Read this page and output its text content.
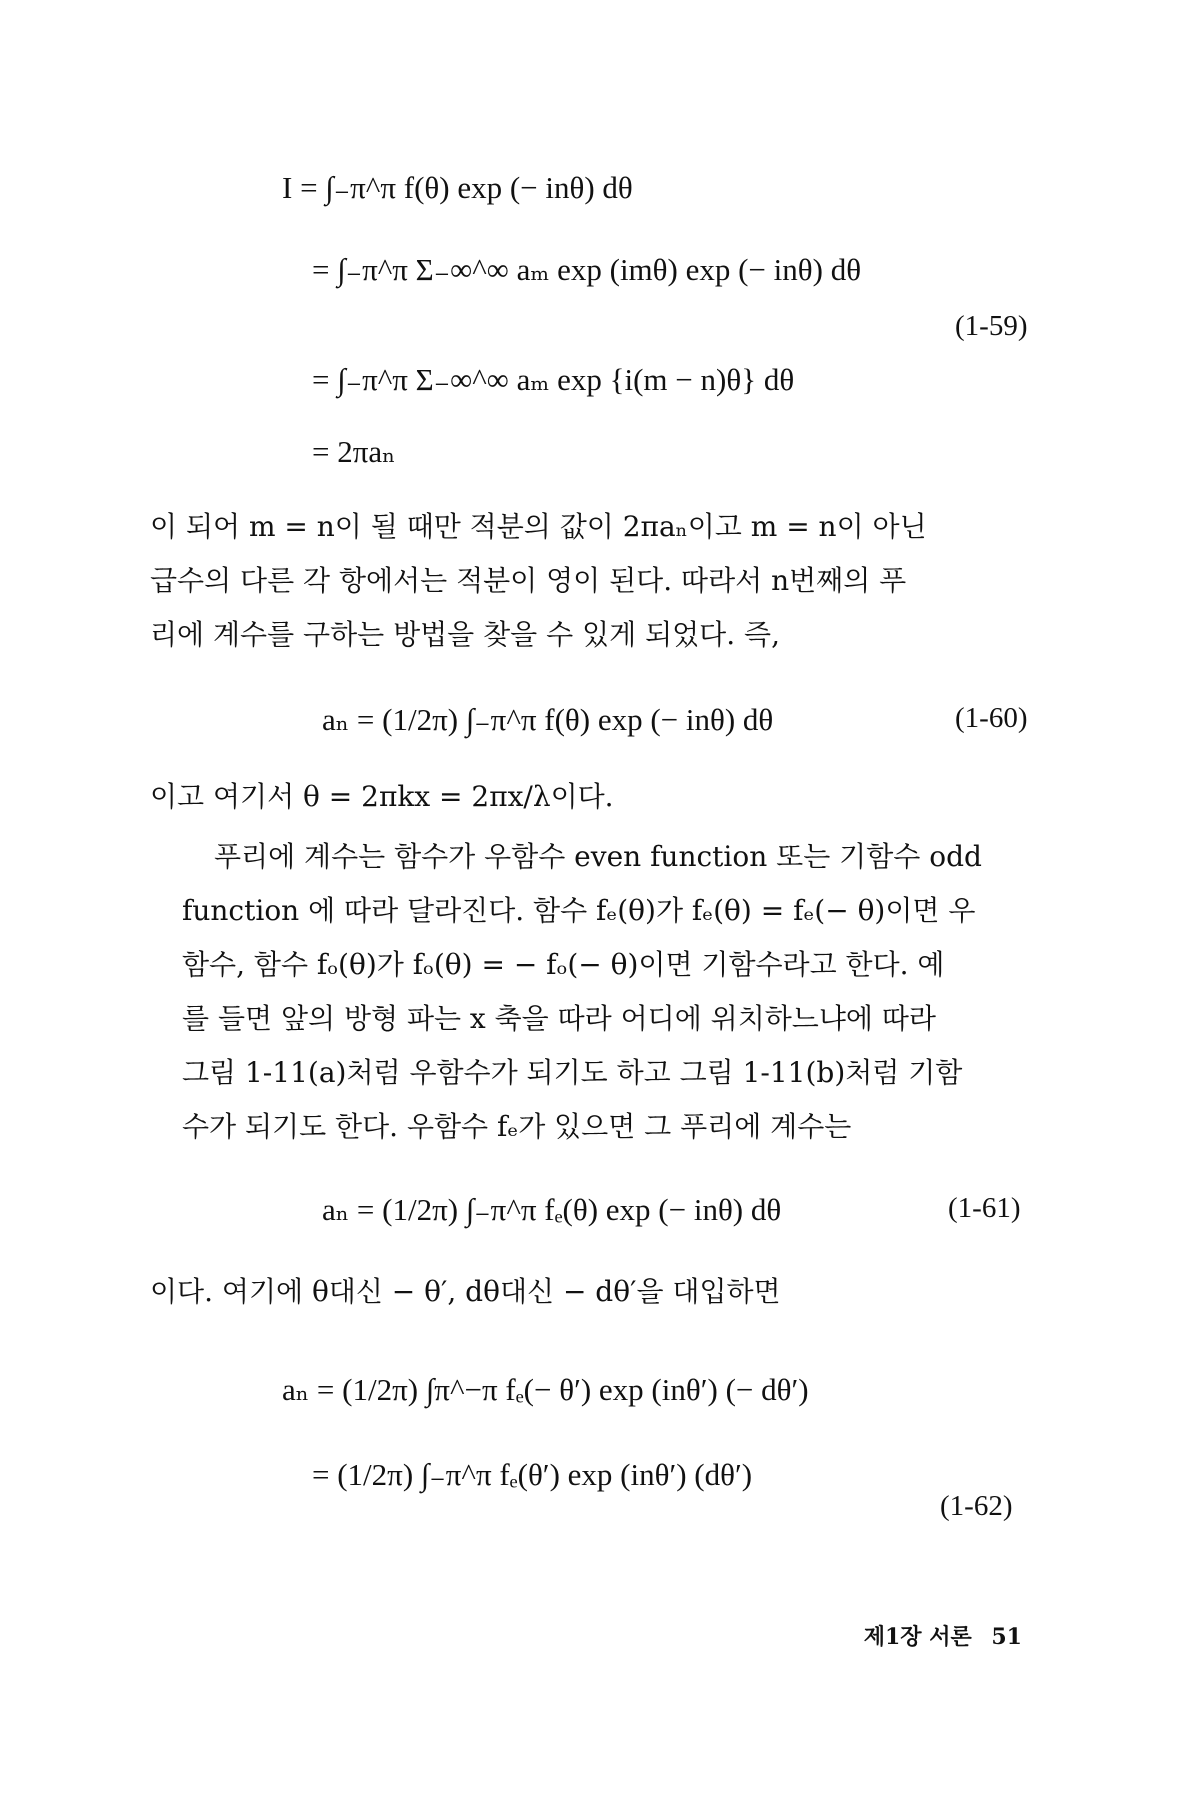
I = ∫₋π^π f(θ) exp (− inθ) dθ
= ∫₋π^π Σ₋∞^∞ aₘ exp (imθ) exp (− inθ) dθ
= ∫₋π^π Σ₋∞^∞ aₘ exp {i(m − n)θ} dθ
= 2πaₙ
(1-59)
이 되어 m = n이 될 때만 적분의 값이 2πaₙ이고 m = n이 아닌
급수의 다른 각 항에서는 적분이 영이 된다. 따라서 n번째의 푸
리에 계수를 구하는 방법을 찾을 수 있게 되었다. 즉,
aₙ = (1/2π) ∫₋π^π f(θ) exp (− inθ) dθ	(1-60)
이고 여기서 θ = 2πkx = 2πx/λ이다.
푸리에 계수는 함수가 우함수 even function 또는 기함수 odd
function 에 따라 달라진다. 함수 fₑ(θ)가 fₑ(θ) = fₑ(− θ)이면 우
함수, 함수 fₒ(θ)가 fₒ(θ) = − fₒ(− θ)이면 기함수라고 한다. 예
를 들면 앞의 방형 파는 x 축을 따라 어디에 위치하느냐에 따라
그림 1-11(a)처럼 우함수가 되기도 하고 그림 1-11(b)처럼 기함
수가 되기도 한다. 우함수 fₑ가 있으면 그 푸리에 계수는
aₙ = (1/2π) ∫₋π^π fₑ(θ) exp (− inθ) dθ	(1-61)
이다. 여기에 θ대신 − θ′, dθ대신 − dθ′을 대입하면
aₙ = (1/2π) ∫π^−π fₑ(− θ′) exp (inθ′) (− dθ′)
= (1/2π) ∫₋π^π fₑ(θ′) exp (inθ′) (dθ′)
(1-62)
제1장 서론 51
